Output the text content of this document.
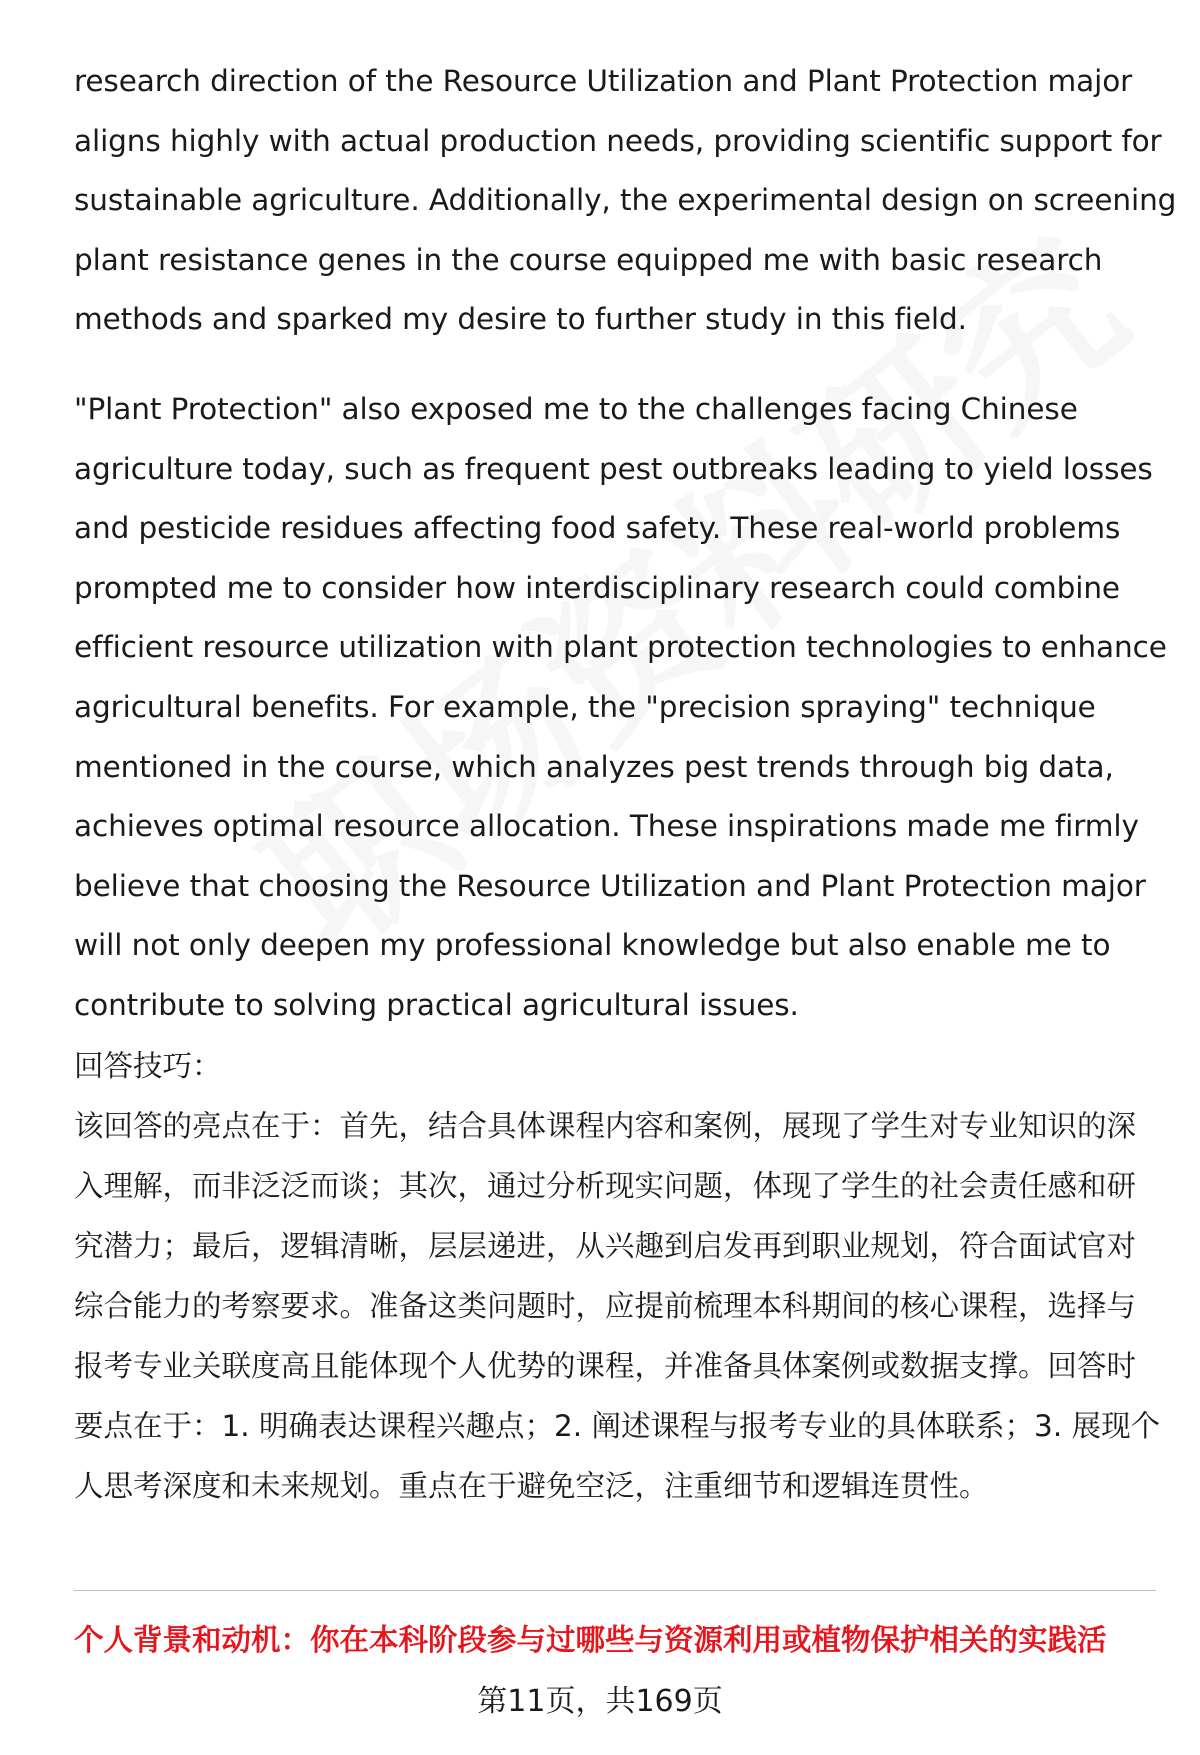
research direction of the Resource Utilization and Plant Protection major
aligns highly with actual production needs, providing scientific support for
sustainable agriculture. Additionally, the experimental design on screening
plant resistance genes in the course equipped me with basic research
methods and sparked my desire to further study in this field.

"Plant Protection" also exposed me to the challenges facing Chinese
agriculture today, such as frequent pest outbreaks leading to yield losses
and pesticide residues affecting food safety. These real-world problems
prompted me to consider how interdisciplinary research could combine
efficient resource utilization with plant protection technologies to enhance
agricultural benefits. For example, the "precision spraying" technique
mentioned in the course, which analyzes pest trends through big data,
achieves optimal resource allocation. These inspirations made me firmly
believe that choosing the Resource Utilization and Plant Protection major
will not only deepen my professional knowledge but also enable me to
contribute to solving practical agricultural issues.

回答技巧：

该回答的亮点在于：首先，结合具体课程内容和案例，展现了学生对专业知识的深
入理解，而非泛泛而谈；其次，通过分析现实问题，体现了学生的社会责任感和研
究潜力；最后，逻辑清晰，层层递进，从兴趣到启发再到职业规划，符合面试官对
综合能力的考察要求。准备这类问题时，应提前梳理本科期间的核心课程，选择与
报考专业关联度高且能体现个人优势的课程，并准备具体案例或数据支撑。回答时
要点在于：1. 明确表达课程兴趣点；2. 阐述课程与报考专业的具体联系；3. 展现个
人思考深度和未来规划。重点在于避免空泛，注重细节和逻辑连贯性。

个人背景和动机：你在本科阶段参与过哪些与资源利用或植物保护相关的实践活
第11页，共169页
